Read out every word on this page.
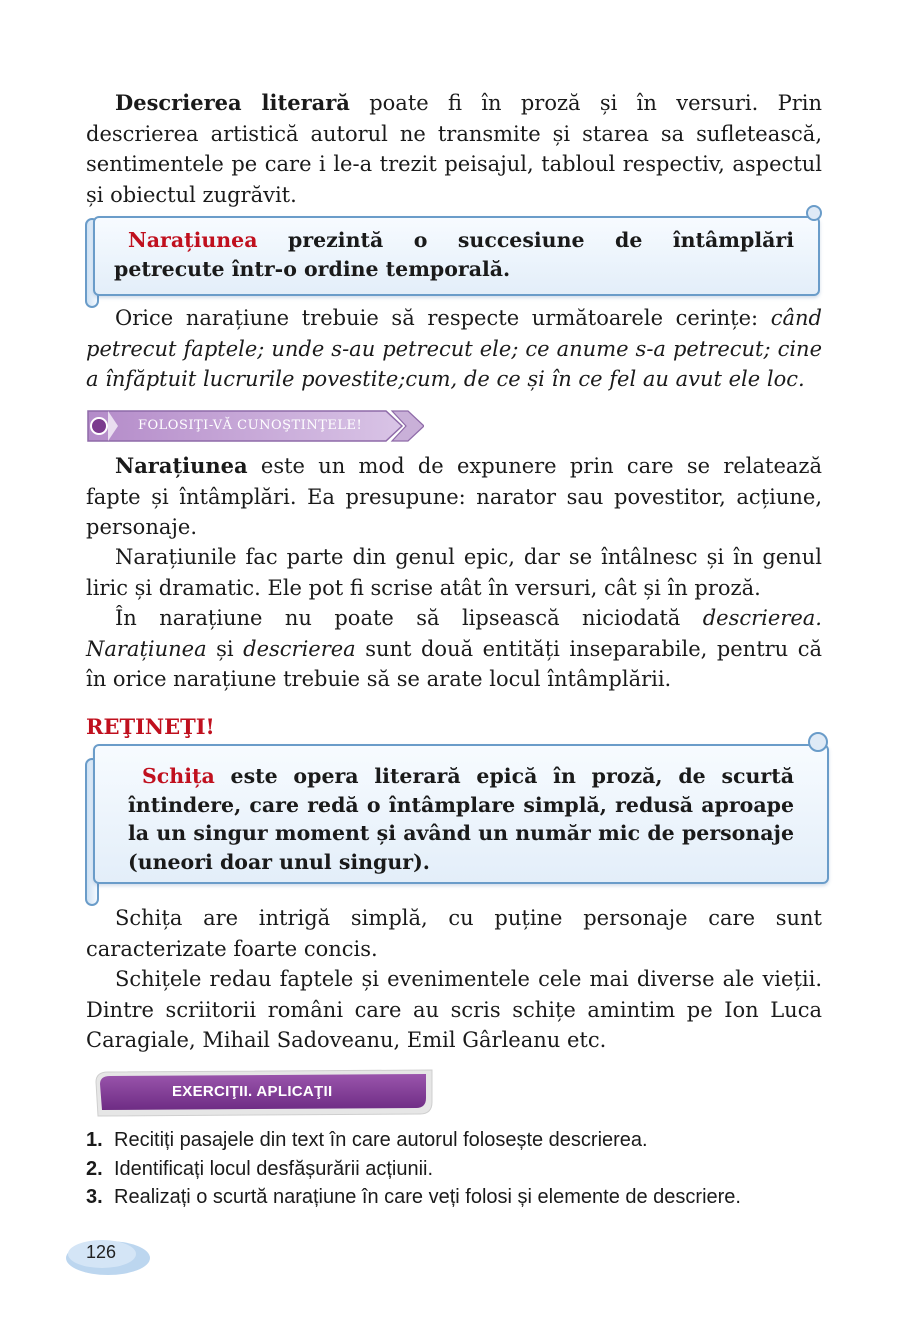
Descrierea literară poate fi în proză și în versuri. Prin descrierea artistică autorul ne transmite și starea sa sufletească, sentimentele pe care i le-a trezit peisajul, tabloul respectiv, aspectul și obiectul zugrăvit.

Narațiunea prezintă o succesiune de întâmplări petrecute într-o ordine temporală.

Orice narațiune trebuie să respecte următoarele cerințe: când petrecut faptele; unde s-au petrecut ele; ce anume s-a petrecut; cine a înfăptuit lucrurile povestite;cum, de ce și în ce fel au avut ele loc.

FOLOSIŢI-VĂ CUNOŞTINŢELE!

Narațiunea este un mod de expunere prin care se relatează fapte și întâmplări. Ea presupune: narator sau povestitor, acțiune, personaje.

Narațiunile fac parte din genul epic, dar se întâlnesc și în genul liric și dramatic. Ele pot fi scrise atât în versuri, cât și în proză.

În narațiune nu poate să lipsească niciodată descrierea. Narațiunea și descrierea sunt două entități inseparabile, pentru că în orice narațiune trebuie să se arate locul întâmplării.

REŢINEŢI!

Schița este opera literară epică în proză, de scurtă întindere, care redă o întâmplare simplă, redusă aproape la un singur moment și având un număr mic de personaje (uneori doar unul singur).

Schița are intrigă simplă, cu puține personaje care sunt caracterizate foarte concis.

Schițele redau faptele și evenimentele cele mai diverse ale vieții. Dintre scriitorii români care au scris schițe amintim pe Ion Luca Caragiale, Mihail Sadoveanu, Emil Gârleanu etc.

EXERCIŢII. APLICAŢII
1. Recitiți pasajele din text în care autorul folosește descrierea.
2. Identificați locul desfășurării acțiunii.
3. Realizați o scurtă narațiune în care veți folosi și elemente de descriere.
126
